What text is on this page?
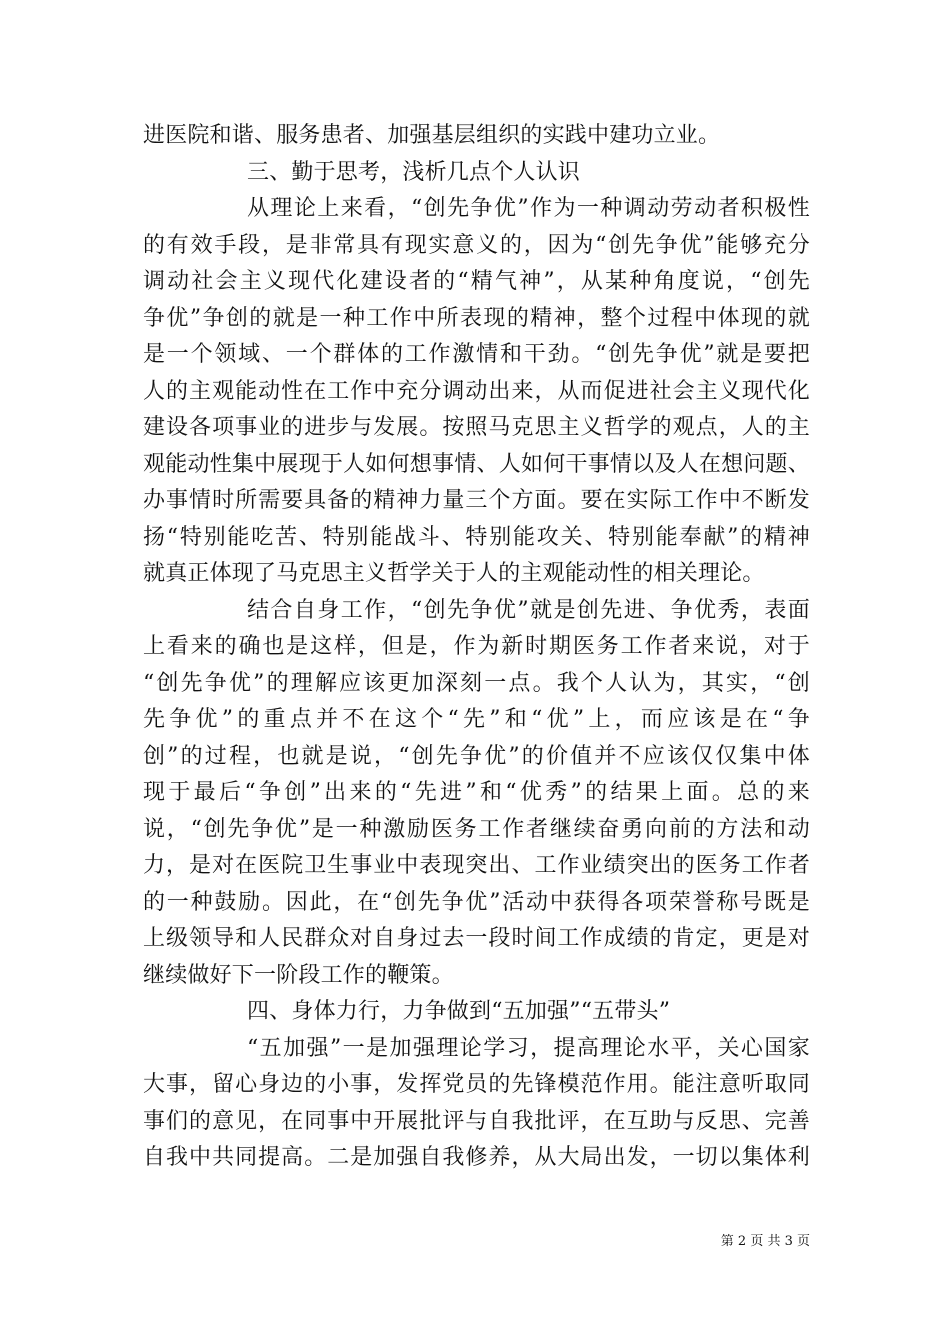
进医院和谐、服务患者、加强基层组织的实践中建功立业。
三、勤于思考，浅析几点个人认识
从理论上来看，“创先争优”作为一种调动劳动者积极性
的有效手段，是非常具有现实意义的，因为“创先争优”能够充分
调动社会主义现代化建设者的“精气神”，从某种角度说，“创先
争优”争创的就是一种工作中所表现的精神，整个过程中体现的就
是一个领域、一个群体的工作激情和干劲。“创先争优”就是要把
人的主观能动性在工作中充分调动出来，从而促进社会主义现代化
建设各项事业的进步与发展。按照马克思主义哲学的观点，人的主
观能动性集中展现于人如何想事情、人如何干事情以及人在想问题、
办事情时所需要具备的精神力量三个方面。要在实际工作中不断发
扬“特别能吃苦、特别能战斗、特别能攻关、特别能奉献”的精神
就真正体现了马克思主义哲学关于人的主观能动性的相关理论。
结合自身工作，“创先争优”就是创先进、争优秀，表面
上看来的确也是这样，但是，作为新时期医务工作者来说，对于
“创先争优”的理解应该更加深刻一点。我个人认为，其实，“创
先争优”的重点并不在这个“先”和“优”上，而应该是在“争
创”的过程，也就是说，“创先争优”的价值并不应该仅仅集中体
现于最后“争创”出来的“先进”和“优秀”的结果上面。总的来
说，“创先争优”是一种激励医务工作者继续奋勇向前的方法和动
力，是对在医院卫生事业中表现突出、工作业绩突出的医务工作者
的一种鼓励。因此，在“创先争优”活动中获得各项荣誉称号既是
上级领导和人民群众对自身过去一段时间工作成绩的肯定，更是对
继续做好下一阶段工作的鞭策。
四、身体力行，力争做到“五加强”“五带头”
“五加强”一是加强理论学习，提高理论水平，关心国家
大事，留心身边的小事，发挥党员的先锋模范作用。能注意听取同
事们的意见，在同事中开展批评与自我批评，在互助与反思、完善
自我中共同提高。二是加强自我修养，从大局出发，一切以集体利
第 2 页 共 3 页
